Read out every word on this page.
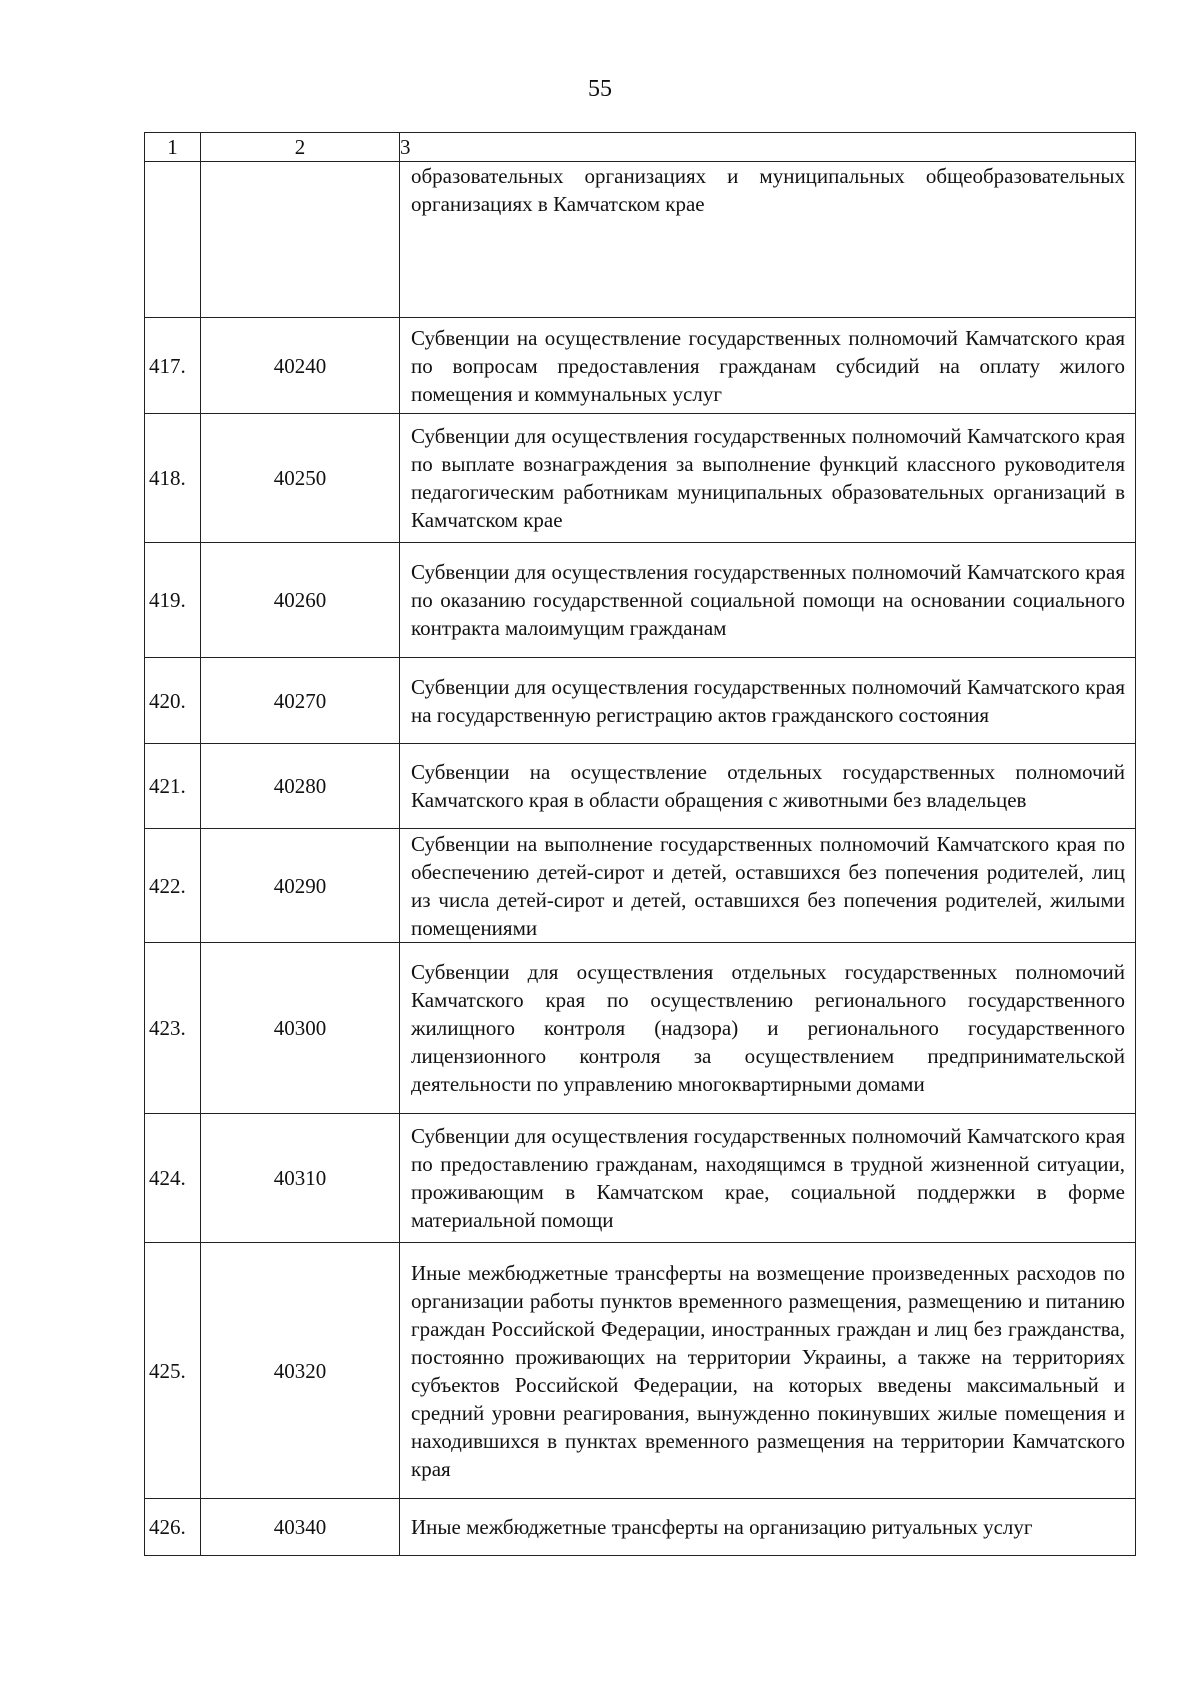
55
1	2	3
		образовательных организациях и муниципальных общеобразовательных организациях в Камчатском крае
417.	40240	Субвенции на осуществление государственных полномочий Камчатского края по вопросам предоставления гражданам субсидий на оплату жилого помещения и коммунальных услуг
418.	40250	Субвенции для осуществления государственных полномочий Камчатского края по выплате вознаграждения за выполнение функций классного руководителя педагогическим работникам муниципальных образовательных организаций в Камчатском крае
419.	40260	Субвенции для осуществления государственных полномочий Камчатского края по оказанию государственной социальной помощи на основании социального контракта малоимущим гражданам
420.	40270	Субвенции для осуществления государственных полномочий Камчатского края на государственную регистрацию актов гражданского состояния
421.	40280	Субвенции на осуществление отдельных государственных полномочий Камчатского края в области обращения с животными без владельцев
422.	40290	Субвенции на выполнение государственных полномочий Камчатского края по обеспечению детей-сирот и детей, оставшихся без попечения родителей, лиц из числа детей-сирот и детей, оставшихся без попечения родителей, жилыми помещениями
423.	40300	Субвенции для осуществления отдельных государственных полномочий Камчатского края по осуществлению регионального государственного жилищного контроля (надзора) и регионального государственного лицензионного контроля за осуществлением предпринимательской деятельности по управлению многоквартирными домами
424.	40310	Субвенции для осуществления государственных полномочий Камчатского края по предоставлению гражданам, находящимся в трудной жизненной ситуации, проживающим в Камчатском крае, социальной поддержки в форме материальной помощи
425.	40320	Иные межбюджетные трансферты на возмещение произведенных расходов по организации работы пунктов временного размещения, размещению и питанию граждан Российской Федерации, иностранных граждан и лиц без гражданства, постоянно проживающих на территории Украины, а также на территориях субъектов Российской Федерации, на которых введены максимальный и средний уровни реагирования, вынужденно покинувших жилые помещения и находившихся в пунктах временного размещения на территории Камчатского края
426.	40340	Иные межбюджетные трансферты на организацию ритуальных услуг
